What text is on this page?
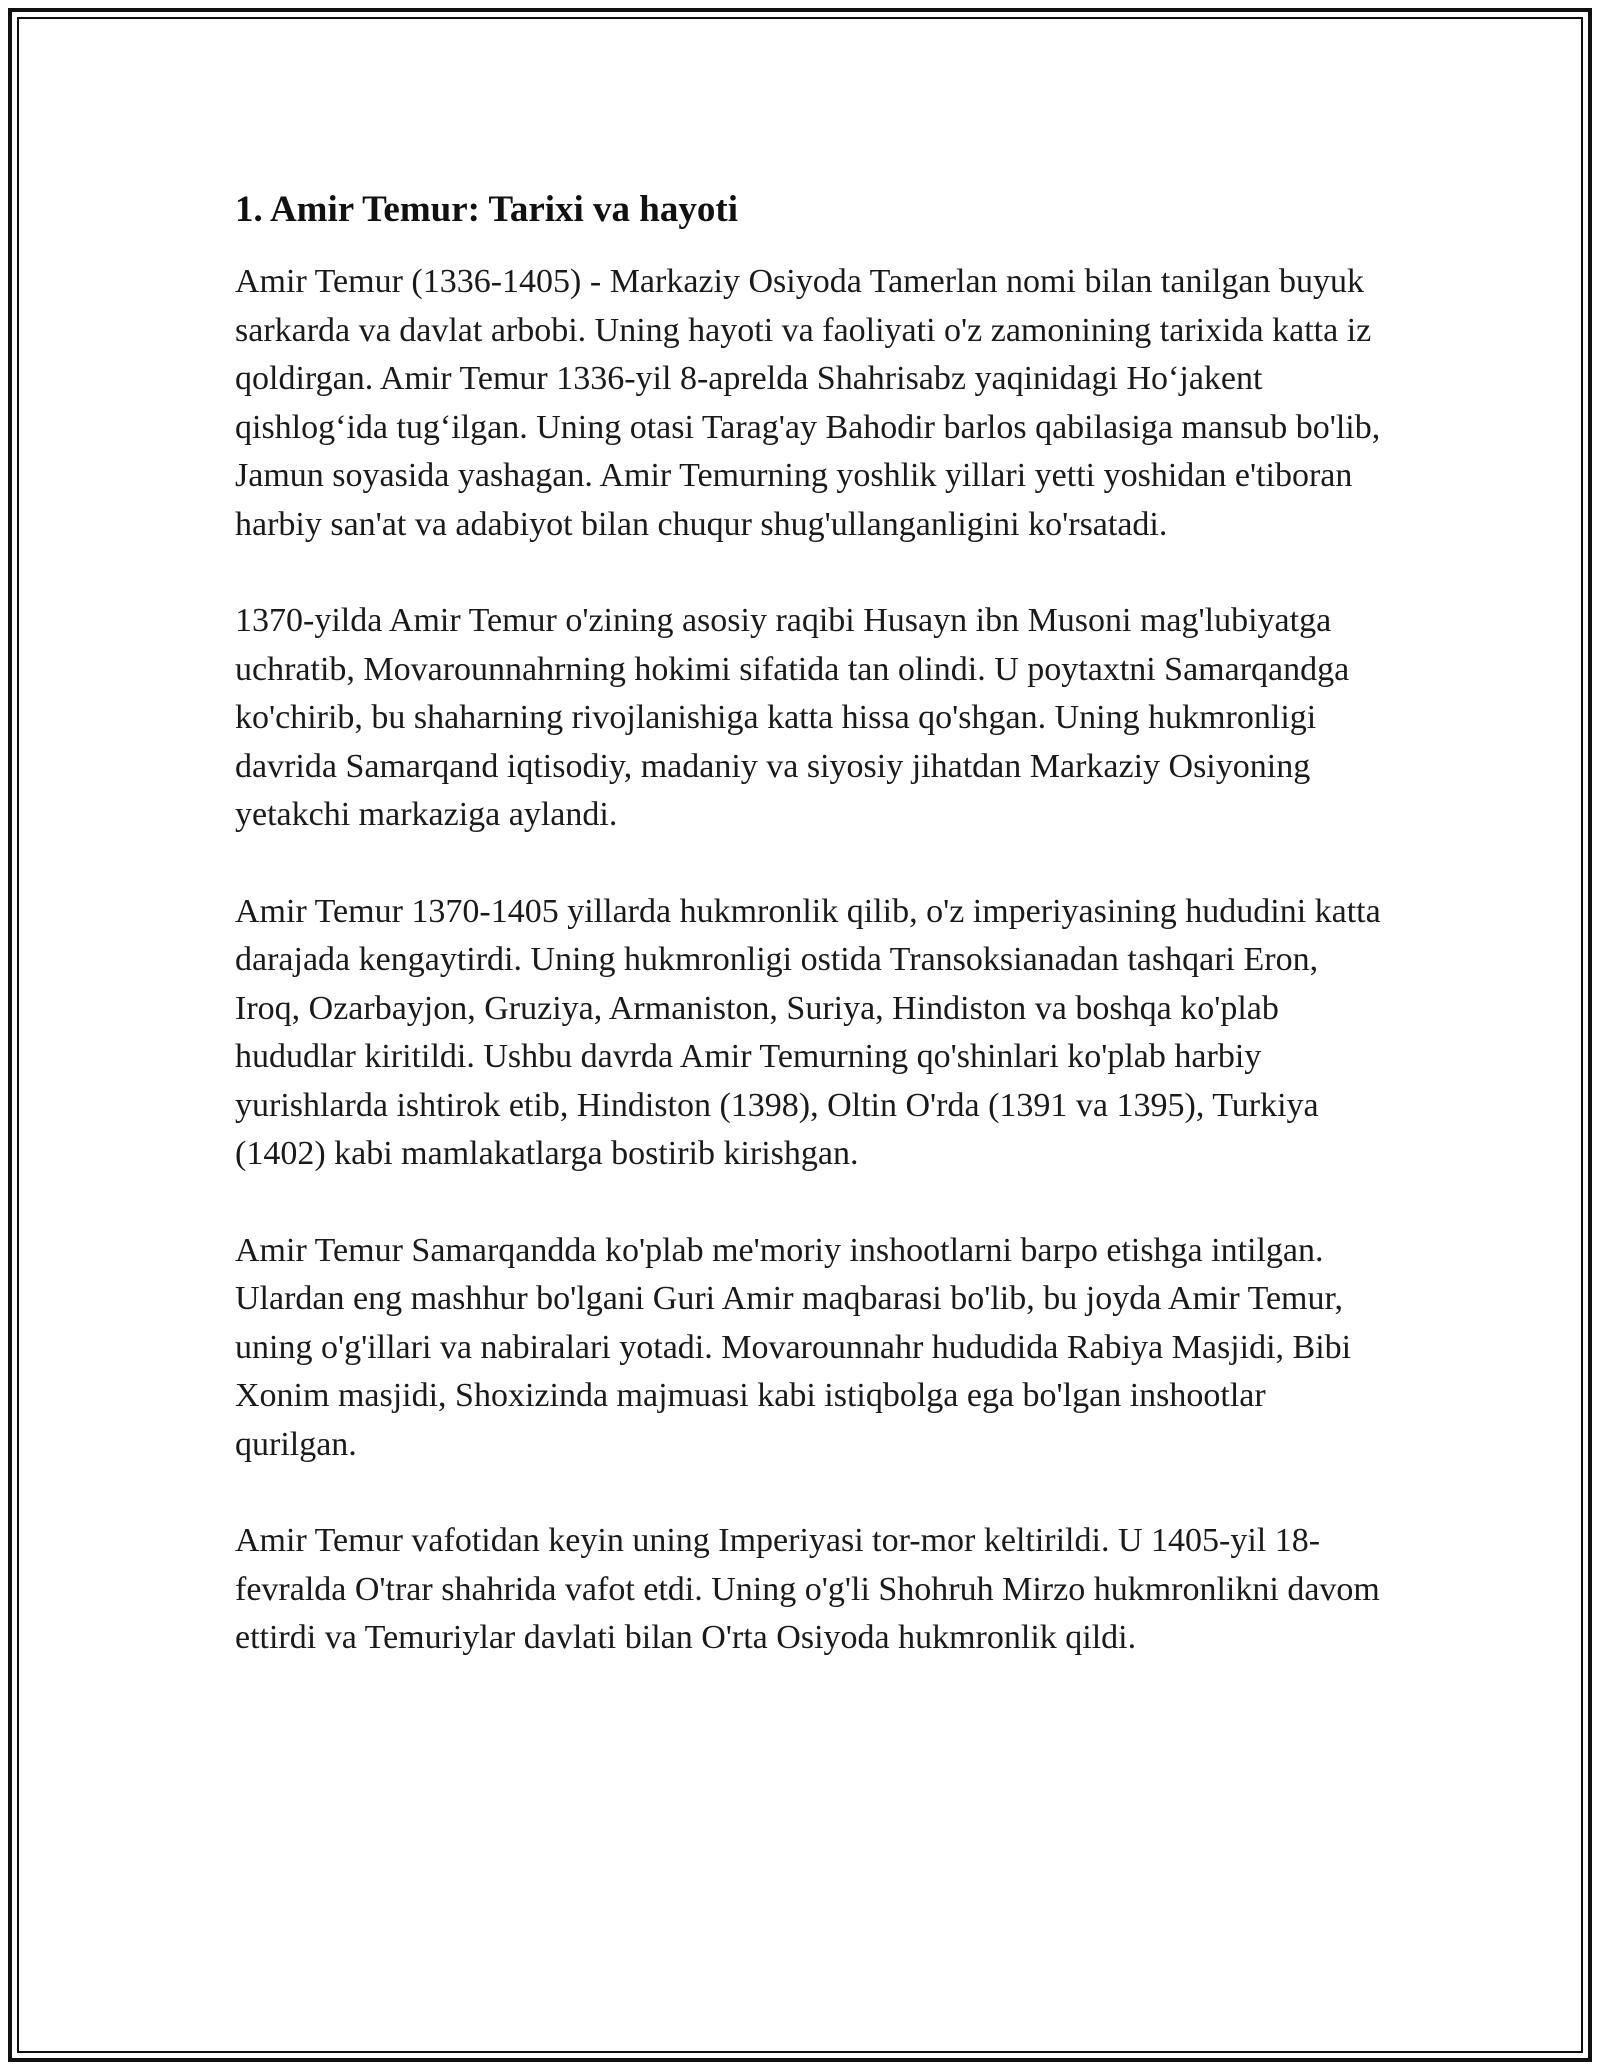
1. Amir Temur: Tarixi va hayoti

Amir Temur (1336-1405) - Markaziy Osiyoda Tamerlan nomi bilan tanilgan buyuk sarkarda va davlat arbobi. Uning hayoti va faoliyati o'z zamonining tarixida katta iz qoldirgan. Amir Temur 1336-yil 8-aprelda Shahrisabz yaqinidagi Ho‘jakent qishlog‘ida tug‘ilgan. Uning otasi Tarag'ay Bahodir barlos qabilasiga mansub bo'lib, Jamun soyasida yashagan. Amir Temurning yoshlik yillari yetti yoshidan e'tiboran harbiy san'at va adabiyot bilan chuqur shug'ullanganligini ko'rsatadi.

1370-yilda Amir Temur o'zining asosiy raqibi Husayn ibn Musoni mag'lubiyatga uchratib, Movarounnahrning hokimi sifatida tan olindi. U poytaxtni Samarqandga ko'chirib, bu shaharning rivojlanishiga katta hissa qo'shgan. Uning hukmronligi davrida Samarqand iqtisodiy, madaniy va siyosiy jihatdan Markaziy Osiyoning yetakchi markaziga aylandi.

Amir Temur 1370-1405 yillarda hukmronlik qilib, o'z imperiyasining hududini katta darajada kengaytirdi. Uning hukmronligi ostida Transoksianadan tashqari Eron, Iroq, Ozarbayjon, Gruziya, Armaniston, Suriya, Hindiston va boshqa ko'plab hududlar kiritildi. Ushbu davrda Amir Temurning qo'shinlari ko'plab harbiy yurishlarda ishtirok etib, Hindiston (1398), Oltin O'rda (1391 va 1395), Turkiya (1402) kabi mamlakatlarga bostirib kirishgan.

Amir Temur Samarqandda ko'plab me'moriy inshootlarni barpo etishga intilgan. Ulardan eng mashhur bo'lgani Guri Amir maqbarasi bo'lib, bu joyda Amir Temur, uning o'g'illari va nabiralari yotadi. Movarounnahr hududida Rabiya Masjidi, Bibi Xonim masjidi, Shoxizinda majmuasi kabi istiqbolga ega bo'lgan inshootlar qurilgan.

Amir Temur vafotidan keyin uning Imperiyasi tor-mor keltirildi. U 1405-yil 18-fevralda O'trar shahrida vafot etdi. Uning o'g'li Shohruh Mirzo hukmronlikni davom ettirdi va Temuriylar davlati bilan O'rta Osiyoda hukmronlik qildi.
